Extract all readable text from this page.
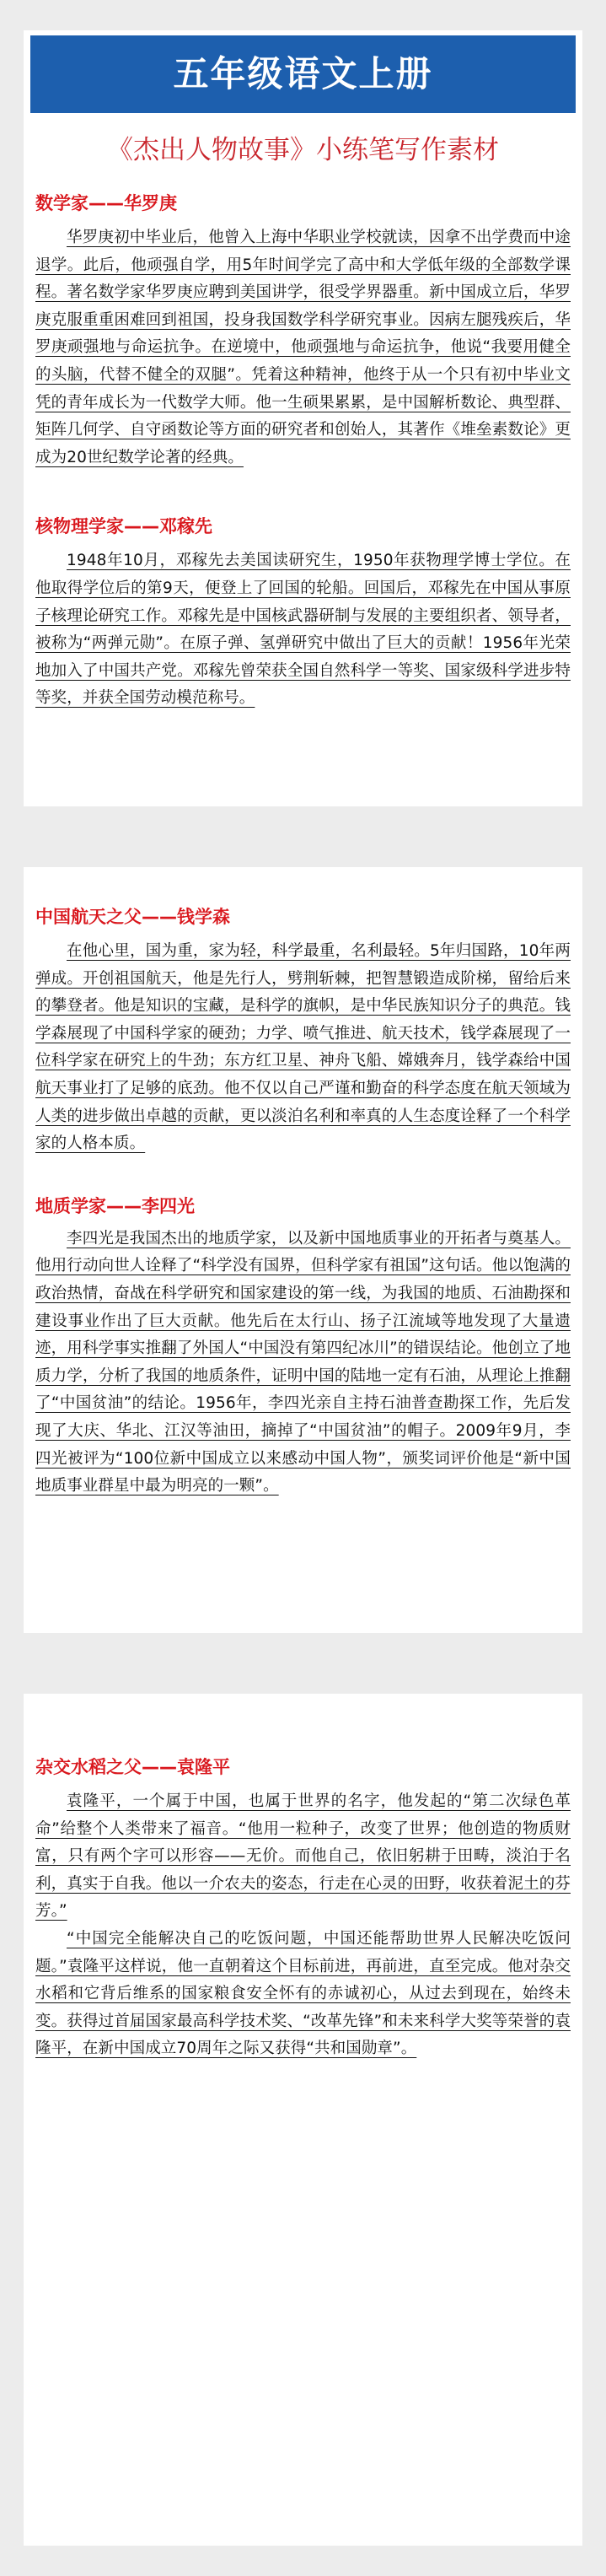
五年级语文上册
《杰出人物故事》小练笔写作素材
数学家——华罗庚

华罗庚初中毕业后，他曾入上海中华职业学校就读，因拿不出学费而中途退学。此后，他顽强自学，用5年时间学完了高中和大学低年级的全部数学课程。著名数学家华罗庚应聘到美国讲学，很受学界器重。新中国成立后，华罗庚克服重重困难回到祖国，投身我国数学科学研究事业。因病左腿残疾后，华罗庚顽强地与命运抗争。在逆境中，他顽强地与命运抗争，他说“我要用健全的头脑，代替不健全的双腿”。凭着这种精神，他终于从一个只有初中毕业文凭的青年成长为一代数学大师。他一生硕果累累，是中国解析数论、典型群、矩阵几何学、自守函数论等方面的研究者和创始人，其著作《堆垒素数论》更成为20世纪数学论著的经典。

核物理学家——邓稼先

1948年10月，邓稼先去美国读研究生，1950年获物理学博士学位。在他取得学位后的第9天，便登上了回国的轮船。回国后，邓稼先在中国从事原子核理论研究工作。邓稼先是中国核武器研制与发展的主要组织者、领导者，被称为“两弹元勋”。在原子弹、氢弹研究中做出了巨大的贡献！1956年光荣地加入了中国共产党。邓稼先曾荣获全国自然科学一等奖、国家级科学进步特等奖，并获全国劳动模范称号。

中国航天之父——钱学森

在他心里，国为重，家为轻，科学最重，名利最轻。5年归国路，10年两弹成。开创祖国航天，他是先行人，劈荆斩棘，把智慧锻造成阶梯，留给后来的攀登者。他是知识的宝藏，是科学的旗帜，是中华民族知识分子的典范。钱学森展现了中国科学家的硬劲；力学、喷气推进、航天技术，钱学森展现了一位科学家在研究上的牛劲；东方红卫星、神舟飞船、嫦娥奔月，钱学森给中国航天事业打了足够的底劲。他不仅以自己严谨和勤奋的科学态度在航天领域为人类的进步做出卓越的贡献，更以淡泊名利和率真的人生态度诠释了一个科学家的人格本质。

地质学家——李四光

李四光是我国杰出的地质学家，以及新中国地质事业的开拓者与奠基人。他用行动向世人诠释了“科学没有国界，但科学家有祖国”这句话。他以饱满的政治热情，奋战在科学研究和国家建设的第一线，为我国的地质、石油勘探和建设事业作出了巨大贡献。他先后在太行山、扬子江流域等地发现了大量遗迹，用科学事实推翻了外国人“中国没有第四纪冰川”的错误结论。他创立了地质力学，分析了我国的地质条件，证明中国的陆地一定有石油，从理论上推翻了“中国贫油”的结论。1956年，李四光亲自主持石油普查勘探工作，先后发现了大庆、华北、江汉等油田，摘掉了“中国贫油”的帽子。2009年9月，李四光被评为“100位新中国成立以来感动中国人物”，颁奖词评价他是“新中国地质事业群星中最为明亮的一颗”。

杂交水稻之父——袁隆平

袁隆平，一个属于中国，也属于世界的名字，他发起的“第二次绿色革命”给整个人类带来了福音。“他用一粒种子，改变了世界；他创造的物质财富，只有两个字可以形容——无价。而他自己，依旧躬耕于田畴，淡泊于名利，真实于自我。他以一介农夫的姿态，行走在心灵的田野，收获着泥土的芬芳。”

“中国完全能解决自己的吃饭问题，中国还能帮助世界人民解决吃饭问题。”袁隆平这样说，他一直朝着这个目标前进，再前进，直至完成。他对杂交水稻和它背后维系的国家粮食安全怀有的赤诚初心，从过去到现在，始终未变。获得过首届国家最高科学技术奖、“改革先锋”和未来科学大奖等荣誉的袁隆平，在新中国成立70周年之际又获得“共和国勋章”。
